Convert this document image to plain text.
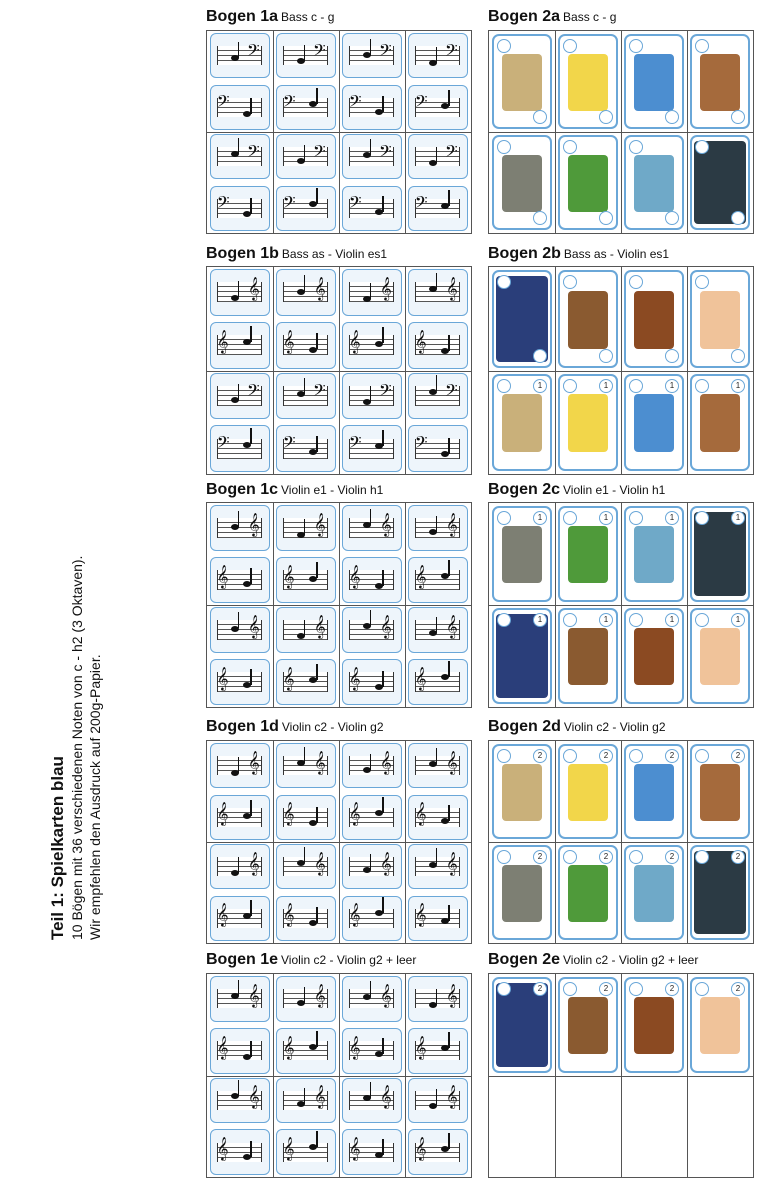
Teil 1: Spielkarten blau 10 Bögen mit 36 verschiedenen Noten von c - h2 (3 Oktaven). Wir empfehlen den Ausdruck auf 200g-Papier.
Bogen 1a Bass c - g
𝄢
𝄢
𝄢
𝄢
𝄢
𝄢
𝄢
𝄢
𝄢
𝄢
𝄢
𝄢
𝄢
𝄢
𝄢
𝄢
Bogen 2a Bass c - g
Bogen 1b Bass as - Violin es1
𝄞
𝄞
𝄞
𝄞
𝄞
𝄞
𝄞
𝄞
𝄢
𝄢
𝄢
𝄢
𝄢
𝄢
𝄢
𝄢
Bogen 2b Bass as - Violin es1
1	1	1	1
Bogen 1c Violin e1 - Violin h1
𝄞
𝄞
𝄞
𝄞
𝄞
𝄞
𝄞
𝄞
𝄞
𝄞
𝄞
𝄞
𝄞
𝄞
𝄞
𝄞
Bogen 2c Violin e1 - Violin h1
1	1	1	1
1	1	1	1
Bogen 1d Violin c2 - Violin g2
𝄞
𝄞
𝄞
𝄞
𝄞
𝄞
𝄞
𝄞
𝄞
𝄞
𝄞
𝄞
𝄞
𝄞
𝄞
𝄞
Bogen 2d Violin c2 - Violin g2
2	2	2	2
2	2	2	2
Bogen 1e Violin c2 - Violin g2 + leer
𝄞
𝄞
𝄞
𝄞
𝄞
𝄞
𝄞
𝄞
𝄞
𝄞
𝄞
𝄞
𝄞
𝄞
𝄞
𝄞
Bogen 2e Violin c2 - Violin g2 + leer
2	2	2	2
